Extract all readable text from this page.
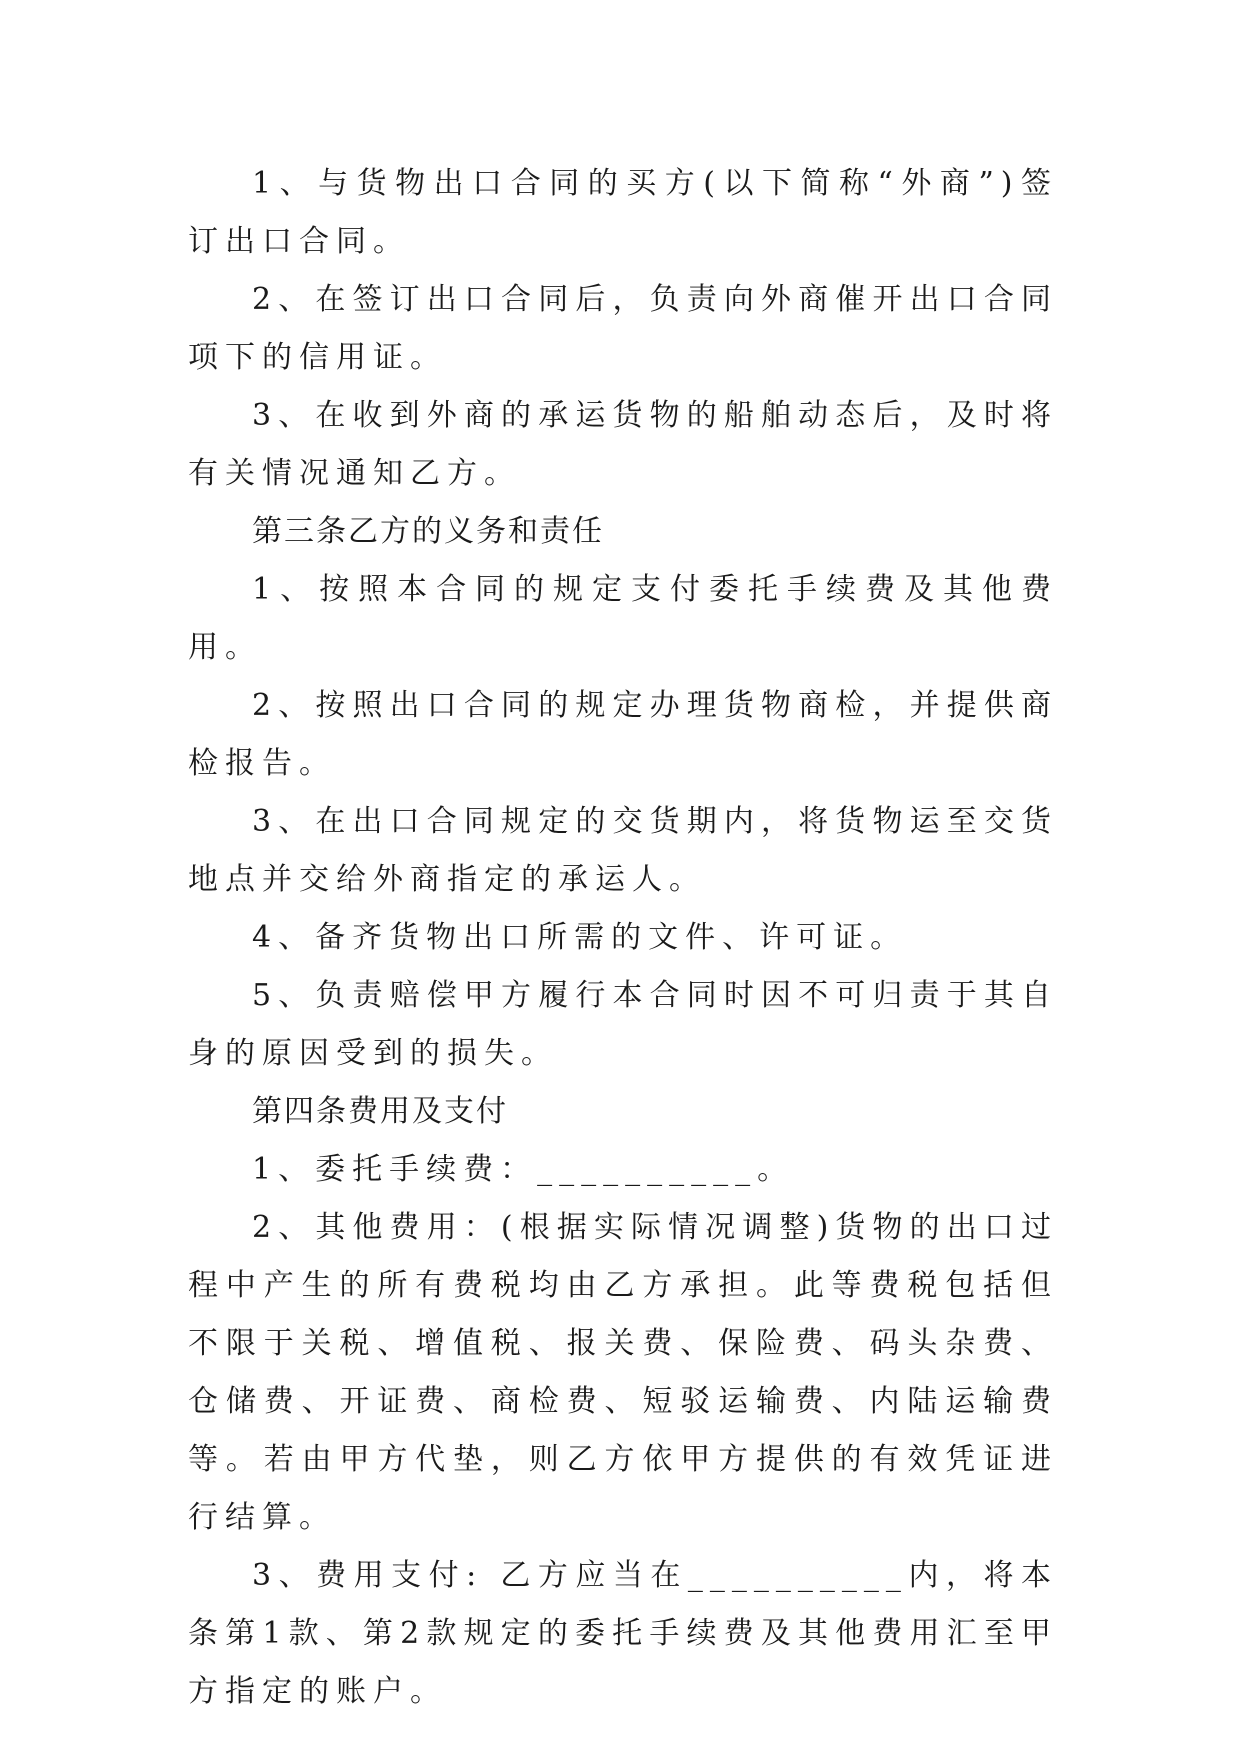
1、与货物出口合同的买方(以下简称“外商”)签订出口合同。

2、在签订出口合同后，负责向外商催开出口合同项下的信用证。

3、在收到外商的承运货物的船舶动态后，及时将有关情况通知乙方。

第三条乙方的义务和责任

1、按照本合同的规定支付委托手续费及其他费用。

2、按照出口合同的规定办理货物商检，并提供商检报告。

3、在出口合同规定的交货期内，将货物运至交货地点并交给外商指定的承运人。

4、备齐货物出口所需的文件、许可证。

5、负责赔偿甲方履行本合同时因不可归责于其自身的原因受到的损失。

第四条费用及支付

1、委托手续费：__________。

2、其他费用：(根据实际情况调整)货物的出口过程中产生的所有费税均由乙方承担。此等费税包括但不限于关税、增值税、报关费、保险费、码头杂费、仓储费、开证费、商检费、短驳运输费、内陆运输费等。若由甲方代垫，则乙方依甲方提供的有效凭证进行结算。

3、费用支付: 乙方应当在__________内，将本条第1款、第2款规定的委托手续费及其他费用汇至甲方指定的账户。
